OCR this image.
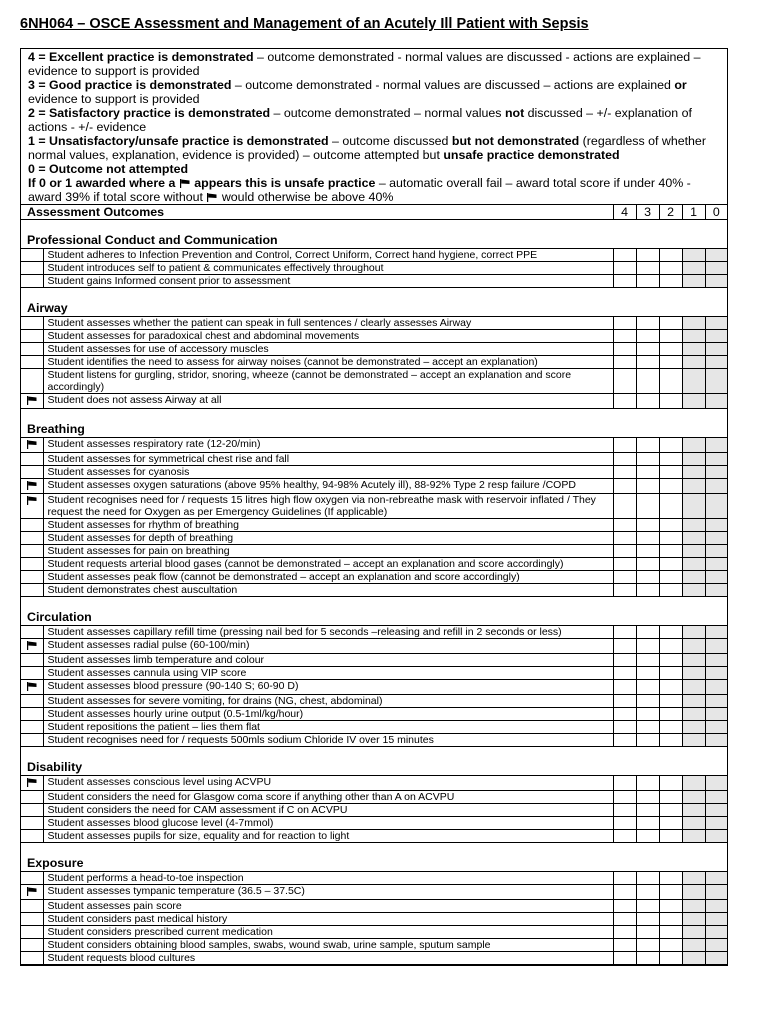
6NH064 – OSCE Assessment and Management of an Acutely Ill Patient with Sepsis
4 = Excellent practice is demonstrated – outcome demonstrated - normal values are discussed - actions are explained – evidence to support is provided
3 = Good practice is demonstrated – outcome demonstrated - normal values are discussed – actions are explained or evidence to support is provided
2 = Satisfactory practice is demonstrated – outcome demonstrated – normal values not discussed – +/- explanation of actions - +/- evidence
1 = Unsatisfactory/unsafe practice is demonstrated – outcome discussed but not demonstrated (regardless of whether normal values, explanation, evidence is provided) – outcome attempted but unsafe practice demonstrated
0 = Outcome not attempted
If 0 or 1 awarded where a  appears this is unsafe practice – automatic overall fail – award total score if under 40% - award 39% if total score without  would otherwise be above 40%
Assessment Outcomes		4	3	2	1	0
Professional Conduct and Communication						
	Student adheres to Infection Prevention and Control, Correct Uniform, Correct hand hygiene, correct PPE					
	Student introduces self to patient & communicates effectively throughout					
	Student gains Informed consent prior to assessment					
Airway						
	Student assesses whether the patient can speak in full sentences / clearly assesses Airway					
	Student assesses for paradoxical chest and abdominal movements					
	Student assesses for use of accessory muscles					
	Student identifies the need to assess for airway noises (cannot be demonstrated – accept an explanation)					
	Student listens for gurgling, stridor, snoring, wheeze (cannot be demonstrated – accept an explanation and score accordingly)					
	Student does not assess Airway at all					
Breathing						
	Student assesses respiratory rate (12-20/min)					
	Student assesses for symmetrical chest rise and fall					
	Student assesses for cyanosis					
	Student assesses oxygen saturations (above 95% healthy, 94-98% Acutely ill), 88-92% Type 2 resp failure /COPD					
	Student recognises need for / requests 15 litres high flow oxygen via non-rebreathe mask with reservoir inflated / They request the need for Oxygen as per Emergency Guidelines (If applicable)					
	Student assesses for rhythm of breathing					
	Student assesses for depth of breathing					
	Student assesses for pain on breathing					
	Student requests arterial blood gases (cannot be demonstrated – accept an explanation and score accordingly)					
	Student assesses peak flow (cannot be demonstrated – accept an explanation and score accordingly)					
	Student demonstrates chest auscultation					
Circulation						
	Student assesses capillary refill time (pressing nail bed for 5 seconds –releasing and refill in 2 seconds or less)					
	Student assesses radial pulse (60-100/min)					
	Student assesses limb temperature and colour					
	Student assesses cannula using VIP score					
	Student assesses blood pressure (90-140 S; 60-90 D)					
	Student assesses for severe vomiting, for drains (NG, chest, abdominal)					
	Student assesses hourly urine output (0.5-1ml/kg/hour)					
	Student repositions the patient – lies them flat					
	Student recognises need for / requests 500mls sodium Chloride IV over 15 minutes					
Disability						
	Student assesses conscious level using ACVPU					
	Student considers the need for Glasgow coma score if anything other than A on ACVPU					
	Student considers the need for CAM assessment if C on ACVPU					
	Student assesses blood glucose level (4-7mmol)					
	Student assesses pupils for size, equality and for reaction to light					
Exposure						
	Student performs a head-to-toe inspection					
	Student assesses tympanic temperature (36.5 – 37.5C)					
	Student assesses pain score					
	Student considers past medical history					
	Student considers prescribed current medication					
	Student considers obtaining blood samples, swabs, wound swab, urine sample, sputum sample					
	Student requests blood cultures					
